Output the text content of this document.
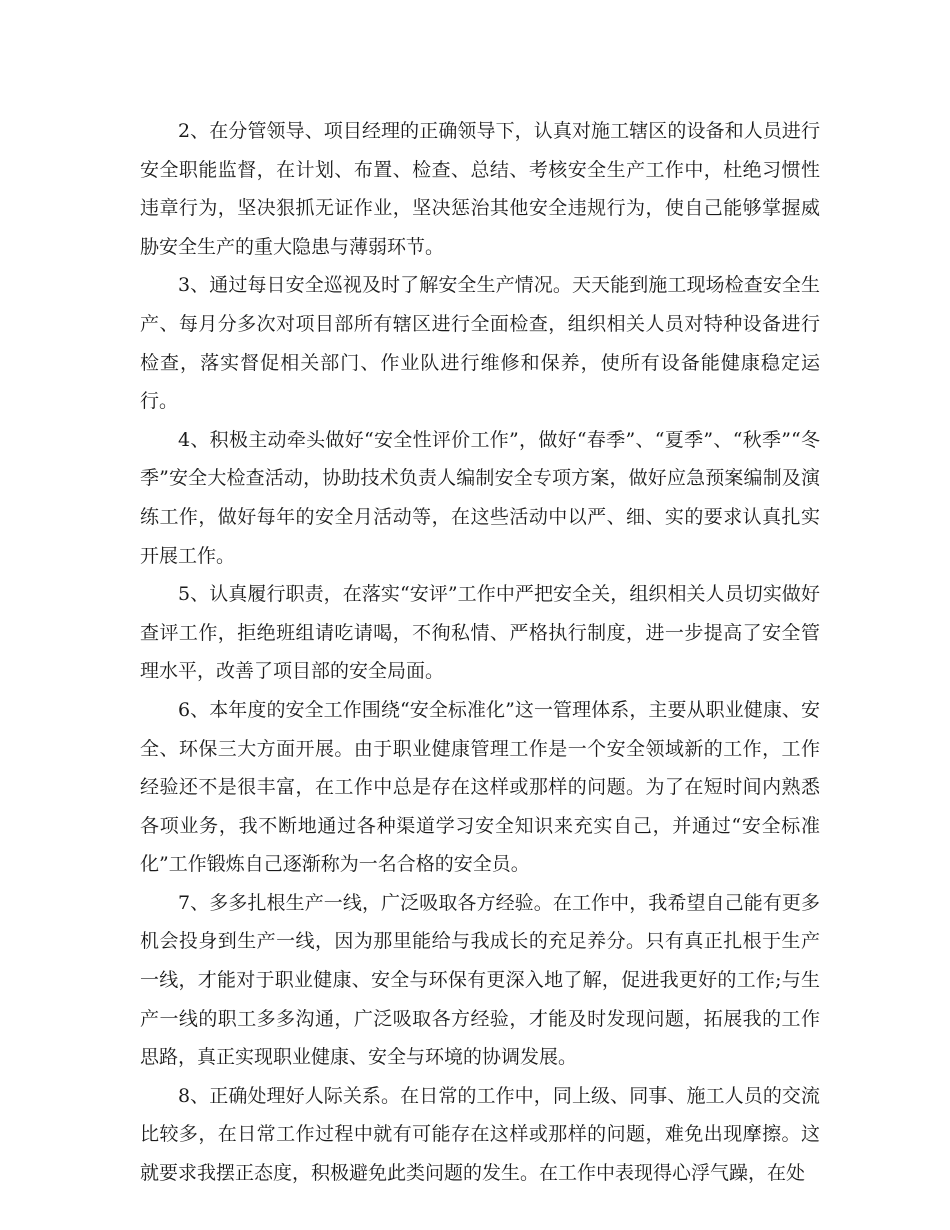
2、在分管领导、项目经理的正确领导下，认真对施工辖区的设备和人员进行安全职能监督，在计划、布置、检查、总结、考核安全生产工作中，杜绝习惯性违章行为，坚决狠抓无证作业，坚决惩治其他安全违规行为，使自己能够掌握威胁安全生产的重大隐患与薄弱环节。

3、通过每日安全巡视及时了解安全生产情况。天天能到施工现场检查安全生产、每月分多次对项目部所有辖区进行全面检查，组织相关人员对特种设备进行检查，落实督促相关部门、作业队进行维修和保养，使所有设备能健康稳定运行。

4、积极主动牵头做好“安全性评价工作”，做好“春季”、“夏季”、“秋季”“冬季”安全大检查活动，协助技术负责人编制安全专项方案，做好应急预案编制及演练工作，做好每年的安全月活动等，在这些活动中以严、细、实的要求认真扎实开展工作。

5、认真履行职责，在落实“安评”工作中严把安全关，组织相关人员切实做好查评工作，拒绝班组请吃请喝，不徇私情、严格执行制度，进一步提高了安全管理水平，改善了项目部的安全局面。

6、本年度的安全工作围绕“安全标准化”这一管理体系，主要从职业健康、安全、环保三大方面开展。由于职业健康管理工作是一个安全领域新的工作，工作经验还不是很丰富，在工作中总是存在这样或那样的问题。为了在短时间内熟悉各项业务，我不断地通过各种渠道学习安全知识来充实自己，并通过“安全标准化”工作锻炼自己逐渐称为一名合格的安全员。

7、多多扎根生产一线，广泛吸取各方经验。在工作中，我希望自己能有更多机会投身到生产一线，因为那里能给与我成长的充足养分。只有真正扎根于生产一线，才能对于职业健康、安全与环保有更深入地了解，促进我更好的工作;与生产一线的职工多多沟通，广泛吸取各方经验，才能及时发现问题，拓展我的工作思路，真正实现职业健康、安全与环境的协调发展。

8、正确处理好人际关系。在日常的工作中，同上级、同事、施工人员的交流比较多，在日常工作过程中就有可能存在这样或那样的问题，难免出现摩擦。这就要求我摆正态度，积极避免此类问题的发生。在工作中表现得心浮气躁，在处
